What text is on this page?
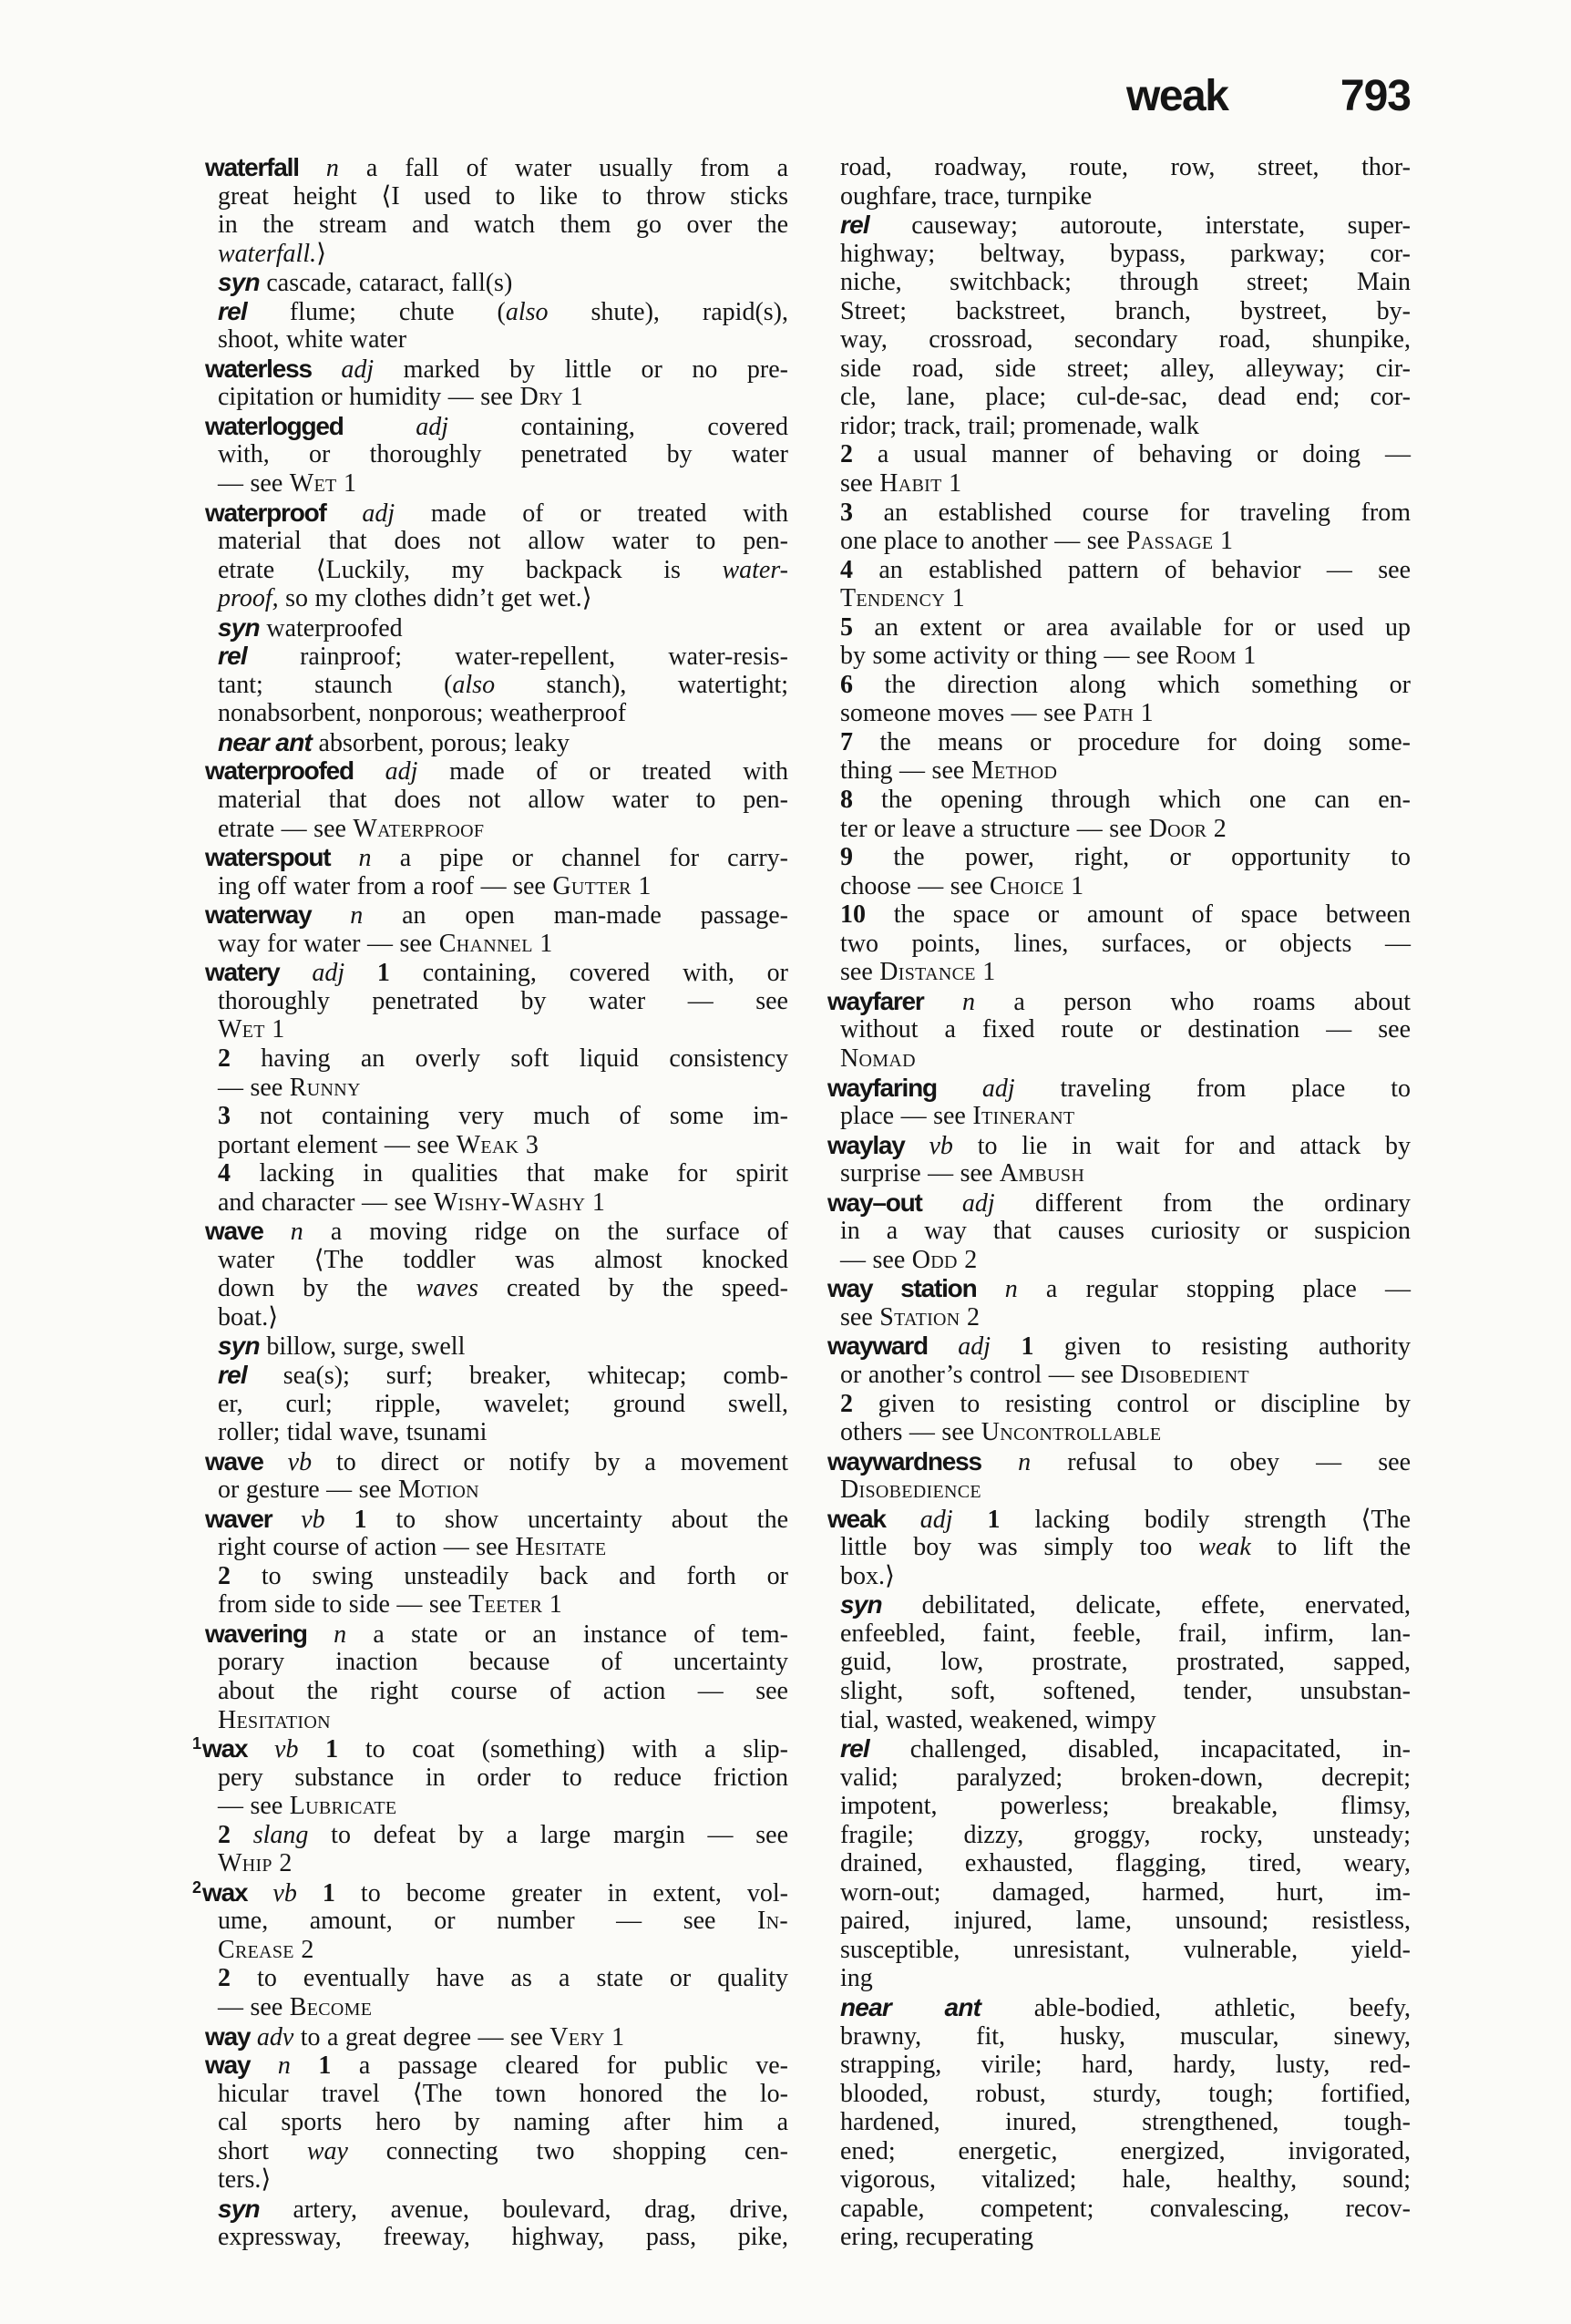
weak	793
waterfall n a fall of water usually from a
great height ⟨I used to like to throw sticks
in the stream and watch them go over the
waterfall.⟩
syn cascade, cataract, fall(s)
rel flume; chute (also shute), rapid(s),
shoot, white water
waterless adj marked by little or no pre-
cipitation or humidity — see Dry 1
waterlogged	adj containing, covered
with, or thoroughly penetrated by water
— see Wet 1
waterproof adj made of or treated with
material that does not allow water to pen-
etrate ⟨Luckily, my backpack is water-
proof, so my clothes didn’t get wet.⟩
syn waterproofed
rel rainproof; water-repellent, water-resis-
tant; staunch (also stanch), watertight;
nonabsorbent, nonporous; weatherproof
near ant absorbent, porous; leaky
waterproofed adj made of or treated with
material that does not allow water to pen-
etrate — see Waterproof
waterspout n a pipe or channel for carry-
ing off water from a roof — see Gutter 1
waterway n an open man-made passage-
way for water — see Channel 1
watery adj 1 containing, covered with, or
thoroughly penetrated by water — see
Wet 1
2 having an overly soft liquid consistency
— see Runny
3 not containing very much of some im-
portant element — see Weak 3
4 lacking in qualities that make for spirit
and character — see Wishy-Washy 1
wave n a moving ridge on the surface of
water ⟨The toddler was almost knocked
down by the waves created by the speed-
boat.⟩
syn billow, surge, swell
rel sea(s); surf; breaker, whitecap; comb-
er, curl; ripple, wavelet; ground swell,
roller; tidal wave, tsunami
wave vb to direct or notify by a movement
or gesture — see Motion
waver vb 1 to show uncertainty about the
right course of action — see Hesitate
2 to swing unsteadily back and forth or
from side to side — see Teeter 1
wavering n a state or an instance of tem-
porary inaction because of uncertainty
about the right course of action — see
Hesitation
$^1$wax vb 1 to coat (something) with a slip-
pery substance in order to reduce friction
— see Lubricate
2 slang to defeat by a large margin — see
Whip 2
$^2$wax vb 1 to become greater in extent, vol-
ume, amount, or number — see In-
Crease 2
2 to eventually have as a state or quality
— see Become
way adv to a great degree — see Very 1
way n 1 a passage cleared for public ve-
hicular travel ⟨The town honored the lo-
cal sports hero by naming after him a
short way connecting two shopping cen-
ters.⟩
syn artery, avenue, boulevard, drag, drive,
expressway, freeway, highway, pass, pike,
road, roadway, route, row, street, thor-
oughfare, trace, turnpike
rel causeway; autoroute, interstate, super-
highway; beltway, bypass, parkway; cor-
niche, switchback; through street; Main
Street; backstreet, branch, bystreet, by-
way, crossroad, secondary road, shunpike,
side road, side street; alley, alleyway; cir-
cle, lane, place; cul-de-sac, dead end; cor-
ridor; track, trail; promenade, walk
2 a usual manner of behaving or doing —
see Habit 1
3 an established course for traveling from
one place to another — see Passage 1
4 an established pattern of behavior — see
Tendency 1
5 an extent or area available for or used up
by some activity or thing — see Room 1
6 the direction along which something or
someone moves — see Path 1
7 the means or procedure for doing some-
thing — see Method
8 the opening through which one can en-
ter or leave a structure — see Door 2
9 the power, right, or opportunity to
choose — see Choice 1
10 the space or amount of space between
two points, lines, surfaces, or objects —
see Distance 1
wayfarer n a person who roams about
without a fixed route or destination — see
Nomad
wayfaring adj traveling from place to
place — see Itinerant
waylay vb to lie in wait for and attack by
surprise — see Ambush
way–out adj different from the ordinary
in a way that causes curiosity or suspicion
— see Odd 2
way station n a regular stopping place —
see Station 2
wayward adj 1 given to resisting authority
or another’s control — see Disobedient
2 given to resisting control or discipline by
others — see Uncontrollable
waywardness n refusal to obey — see
Disobedience
weak adj 1 lacking bodily strength ⟨The
little boy was simply too weak to lift the
box.⟩
syn debilitated, delicate, effete, enervated,
enfeebled, faint, feeble, frail, infirm, lan-
guid, low, prostrate, prostrated, sapped,
slight, soft, softened, tender, unsubstan-
tial, wasted, weakened, wimpy
rel challenged, disabled, incapacitated, in-
valid; paralyzed; broken-down, decrepit;
impotent, powerless; breakable, flimsy,
fragile; dizzy, groggy, rocky, unsteady;
drained, exhausted, flagging, tired, weary,
worn-out; damaged, harmed, hurt, im-
paired, injured, lame, unsound; resistless,
susceptible, unresistant, vulnerable, yield-
ing
near ant able-bodied, athletic, beefy,
brawny, fit, husky, muscular, sinewy,
strapping, virile; hard, hardy, lusty, red-
blooded, robust, sturdy, tough; fortified,
hardened, inured, strengthened, tough-
ened; energetic, energized, invigorated,
vigorous, vitalized; hale, healthy, sound;
capable, competent; convalescing, recov-
ering, recuperating
